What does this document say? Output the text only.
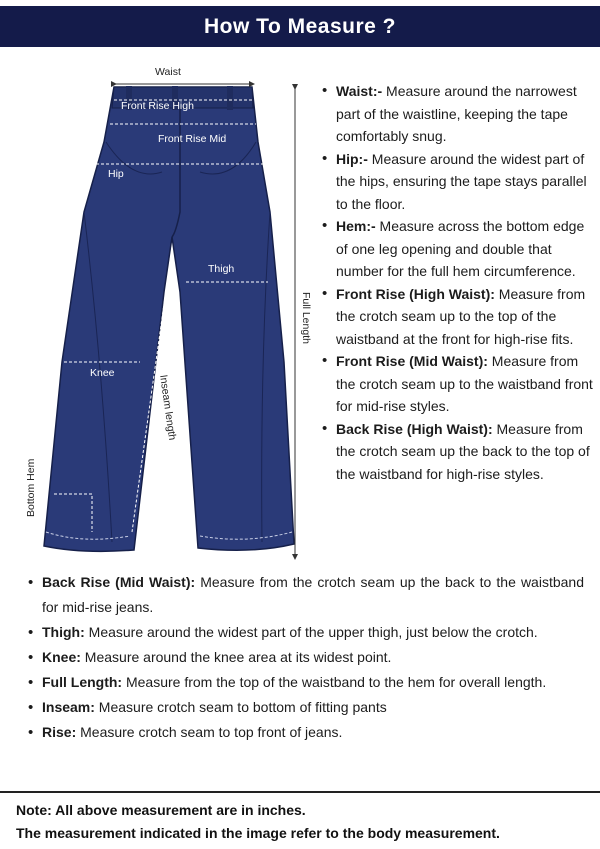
How To Measure ?
Waist
Front Rise High
Front Rise Mid
Hip
Thigh
Knee
Inseam length
Full Length
Bottom Hem
• Waist:- Measure around the narrowest part of the waistline, keeping the tape comfortably snug.
• Hip:- Measure around the widest part of the hips, ensuring the tape stays parallel to the floor.
• Hem:- Measure across the bottom edge of one leg opening and double that number for the full hem circumference.
• Front Rise (High Waist): Measure from the crotch seam up to the top of the waistband at the front for high-rise fits.
• Front Rise (Mid Waist): Measure from the crotch seam up to the waistband front for mid-rise styles.
• Back Rise (High Waist): Measure from the crotch seam up the back to the top of the waistband for high-rise styles.
• Back Rise (Mid Waist): Measure from the crotch seam up the back to the waistband for mid-rise jeans.
• Thigh: Measure around the widest part of the upper thigh, just below the crotch.
• Knee: Measure around the knee area at its widest point.
• Full Length: Measure from the top of the waistband to the hem for overall length.
• Inseam: Measure crotch seam to bottom of fitting pants
• Rise: Measure crotch seam to top front of jeans.

Note: All above measurement are in inches.

The measurement indicated in the image refer to the body measurement.
